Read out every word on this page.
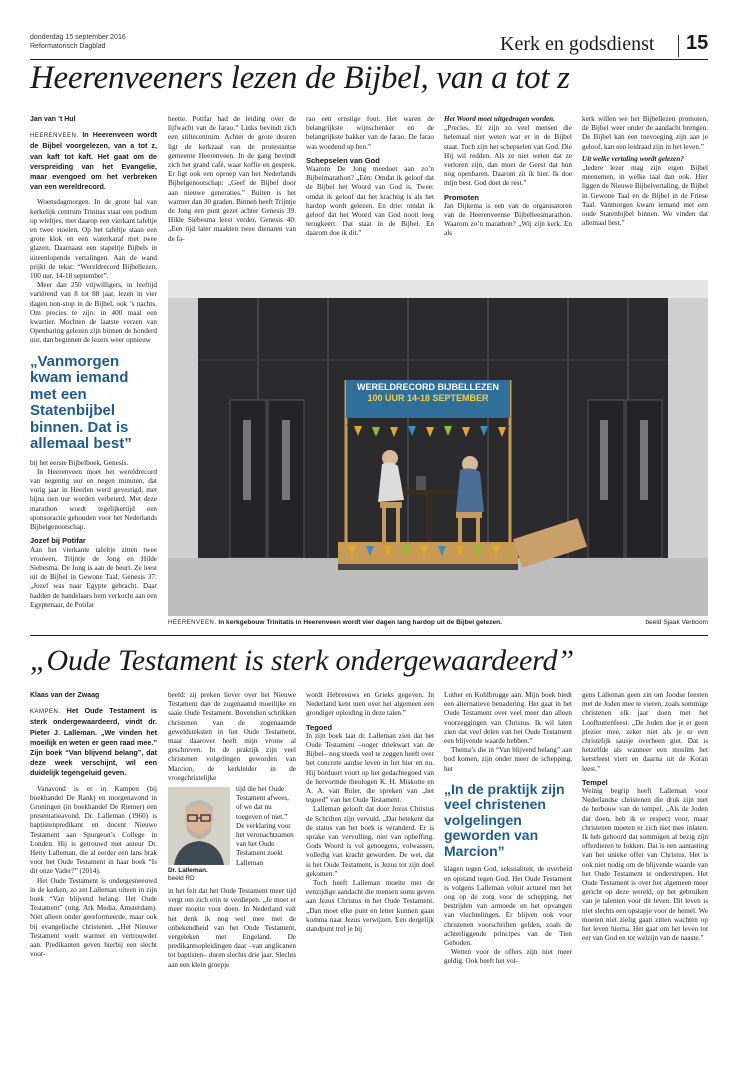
donderdag 15 september 2016
Reformatorisch Dagblad	Kerk en godsdienst 15
Heerenveeners lezen de Bijbel, van a tot z
Jan van ’t Hul

HEERENVEEN. In Heerenveen wordt de Bijbel voorgelezen, van a tot z, van kaft tot kaft. Het gaat om de verspreiding van het Evangelie, maar evengoed om het verbreken van een wereldrecord.

Woensdagmorgen. In de grote hal van kerkelijk centrum Trinitas staat een podium op wieltjes, met daarop een vierkant tafeltje en twee stoelen. Op het tafeltje staan een grote klok en een waterkaraf met twee glazen. Daarnaast een stapeltje Bijbels in uiteenlopende vertalingen. Aan de wand prijkt de tekst: “Wereldrecord Bijbellezen, 100 uur, 14-18 september”.

Meer dan 250 vrijwilligers, in leeftijd variërend van 8 tot 88 jaar, lezen in vier dagen non-stop in de Bijbel, ook ’s nachts. Om precies te zijn: in 400 maal een kwartier. Mochten de laatste verzen van Openbaring gelezen zijn binnen de honderd uur, dan beginnen de lezers weer opnieuw

„Vanmorgen kwam iemand met een Statenbijbel binnen. Dat is allemaal best”

bij het eerste Bijbelboek, Genesis.

In Heerenveen moet het wereldrecord van negentig uur en negen minuten, dat vorig jaar in Heerlen werd gevestigd, met bijna tien uur worden verbeterd. Met deze marathon wordt tegelijkertijd een sponsoractie gehouden voor het Nederlands Bijbelgenootschap.

Jozef bij Potifar

Aan het vierkante tafeltje zitten twee vrouwen, Trijntje de Jong en Hilde Siebesma. De Jong is aan de beurt. Ze leest uit de Bijbel in Gewone Taal, Genesis 37: „Jozef was naar Egypte gebracht. Daar hadden de handelaars hem verkocht aan een Egyptenaar, de Potifar

heette. Potifar had de leiding over de lijfwacht van de farao.” Links bevindt zich een stiltecentrum. Achter de grote deuren ligt de kerkzaal van de protestantse gemeente Heerenveen. In de gang bevindt zich het grand café, waar koffie en gesprek. Er ligt ook een oproep van het Nederlands Bijbelgenootschap: „Geef de Bijbel door aan nieuwe generaties.” Buiten is het warmer dan 30 graden. Binnen heeft Trijntje de Jong een punt gezet achter Genesis 39. Hilde Siebesma leest verder, Genesis 40: „Een tijd later maakten twee dienaren van de fa-

rao een ernstige fout. Het waren de belangrijkste wijnschenker en de belangrijkste bakker van de farao. De farao was woedend op hen.”

Schepselen van God

Waarom De Jong meedoet aan zo’n Bijbelmarathon? „Eén: Omdat ik geloof dat de Bijbel het Woord van God is. Twee: omdat ik geloof dat het krachtig is als het hardop wordt gelezen. En drie: omdat ik geloof dat het Woord van God nooit leeg terugkeert. Dat staat in de Bijbel. En daarom doe ik dit.”

Het Woord moet uitgedragen worden.

„Precies. Er zijn zo veel mensen die helemaal niet weten wat er in de Bijbel staat. Toch zijn het schepselen van God. Die Hij wil redden. Als ze niet weten dat ze verloren zijn, dan moet de Geest dat hun nog openbaren. Daarom zit ik hier. Ik doe mijn best. God doet de rest.”

Promoten

Jan Dijkema is een van de organisatoren van de Heerenveense Bijbelleesmarathon. Waarom zo’n marathon? „Wij zijn kerk. En als

kerk willen we het Bijbellezen promoten, de Bijbel weer onder de aandacht brengen. De Bijbel kan een toevoeging zijn aan je geloof, kan een leidraad zijn in het leven.”

Uit welke vertaling wordt gelezen?

„Iedere lezer mag zijn eigen Bijbel meenemen, in welke taal dan ook. Hier liggen de Nieuwe Bijbelvertaling, de Bijbel in Gewone Taal en de Bijbel in de Friese Taal. Vanmorgen kwam iemand met een oude Statenbijbel binnen. We vinden dat allemaal best.”

WERELDRECORD BIJBELLEZEN
100 UUR 14-18 SEPTEMBER
HEERENVEEN. In kerkgebouw Trinitatis in Heerenveen wordt vier dagen lang hardop uit de Bijbel gelezen.	beeld Sjaak Verboom
„Oude Testament is sterk ondergewaardeerd”
Klaas van der Zwaag

KAMPEN. Het Oude Testament is sterk ondergewaardeerd, vindt dr. Pieter J. Lalleman. „We vinden het moeilijk en weten er geen raad mee.” Zijn boek “Van blijvend belang”, dat deze week verschijnt, wil een duidelijk tegengeluid geven.

Vanavond is er in Kampen (bij boekhandel De Rank) en morgenavond in Groningen (in boekhandel De Riemer) een presentatieavond. Dr. Lalleman (1960) is baptistenpredikant en docent Nieuwe Testament aan Spurgeon’s College in Londen. Hij is getrouwd met auteur Dr. Hetty Lalleman, die al eerder een lans brak voor het Oude Testament in haar boek “Is dit onze Vader?” (2014).

Het Oude Testament is ondergesneeuwd in de kerken, zo zet Lalleman uiteen in zijn boek “Van blijvend belang. Het Oude Testament” (uitg. Ark Media, Amsterdam). Niet alleen onder gereformeerde, maar ook bij evangelische christenen. „Het Nieuwe Testament voelt warmer en vertrouwder aan. Predikanten geven hierbij een slecht voor-

beeld: zij preken liever over het Nieuwe Testament dan de zogenaamd moeilijke en saaie Oude Testament. Bovendien schrikken christenen van de zogenaamde geweldsteksten in het Oude Testament, maar daarover heeft mijn vrouw al geschreven. In de praktijk zijn veel christenen volgelingen geworden van Marcion, de kerkleider in de vroegchristelijke

Dr. Lalleman.
beeld RD
tijd die het Oude Testament afwees, of we dat nu toegeven of niet.” De verklaring voor het veronachtzamen van het Oude Testament zoekt Lalleman

in het feit dat het Oude Testament meer tijd vergt om zich erin te verdiepen. „Je moet er meer moeite voor doen. In Nederland valt het denk ik nog wel mee met de onbekendheid van het Oude Testament, vergeleken met Engeland. De predikantsopleidingen daar –van anglicanen tot baptisten– duren slechts drie jaar. Slechts aan een klein groepje

wordt Hebreeuws en Grieks gegeven. In Nederland kent men over het algemeen een grondiger opleiding in deze talen.”

Tegoed

In zijn boek laat dr. Lalleman zien dat het Oude Testament –ooger driekwart van de Bijbel– nog steeds veel te zeggen heeft over het concrete aardse leven in het hier en nu. Hij borduurt voort op het gedachtegoed van de hervormde theologen K. H. Miskotte en A. A. van Ruler, die spreken van „het tegoed” van het Oude Testament.

Lalleman gelooft dat door Jezus Christus de Schriften zijn vervuld. „Dat betekent dat de status van het boek is veranderd. Er is sprake van vervulling, niet van opheffing. Gods Woord is vol genoegens, volwassen, volledig van kracht geworden. De wet, dat is het Oude Testament, is Jezus tot zijn doel gekomen.”

Toch heeft Lalleman moeite met de eenzijdige aandacht die mensen soms geven aan Jezus Christus in het Oude Testament. „Dan moet elke punt en letter kunnen gaan komma naar Jezus verwijzen. Een dergelijk standpunt tref je bij

Luther en Kohlbrugge aan. Mijn boek biedt een alternatieve benadering. Het gaat in het Oude Testament over veel meer dan alleen voorzeggingen van Christus. Ik wil laten zien dat veel delen van het Oude Testament een blijvende waarde hebben.”

Thema’s die in “Van blijvend belang” aan bod komen, zijn onder meer de schepping, het

„In de praktijk zijn veel christenen volgelingen geworden van Marcion”

klagen tegen God, seksualiteit, de overheid en opstand tegen God. Het Oude Testament is volgens Lalleman voluit actueel met het oog op de zorg voor de schepping, het bestrijden van armoede en het opvangen van vluchtelingen. Er blijven ook voor christenen voorschriften gelden, zoals de achterliggende principes van de Tien Geboden.

Wetten voor de offers zijn niet meer geldig. Ook heeft het vol-

gens Lalleman geen zin om Joodse feesten met de Joden mee te vieren, zoals sommige christenen elk jaar doen met het Loofhuttenfeest. „De Joden doe je er geen plezier mee, zeker niet als je er een christelijk sausje overheen giet. Dat is hetzelfde als wanneer een moslim het kerstfeest viert en daarna uit de Koran leest.”

Tempel

Weinig begrip heeft Lalleman voor Nederlandse christenen die druk zijn met de herbouw van de tempel. „Als de Joden dat doen, heb ik er respect voor, maar christenen moeten er zich niet mee inlaten. Ik heb gehoord dat sommigen al bezig zijn offerdieren te fokken. Dat is een aantasting van het unieke offer van Christus. Het is ook niet nodig om de blijvende waarde van het Oude Testament te onderstrepen. Het Oude Testament is over het algemeen meer gericht op deze wereld, op het gebruiken van je talenten voor dit leven. Dit leven is niet slechts een opstapje voor de hemel. We moeten niet zielig gaan zitten wachten op het leven hierna. Het gaat om het leven tot eer van God en tot welzijn van de naaste.”
